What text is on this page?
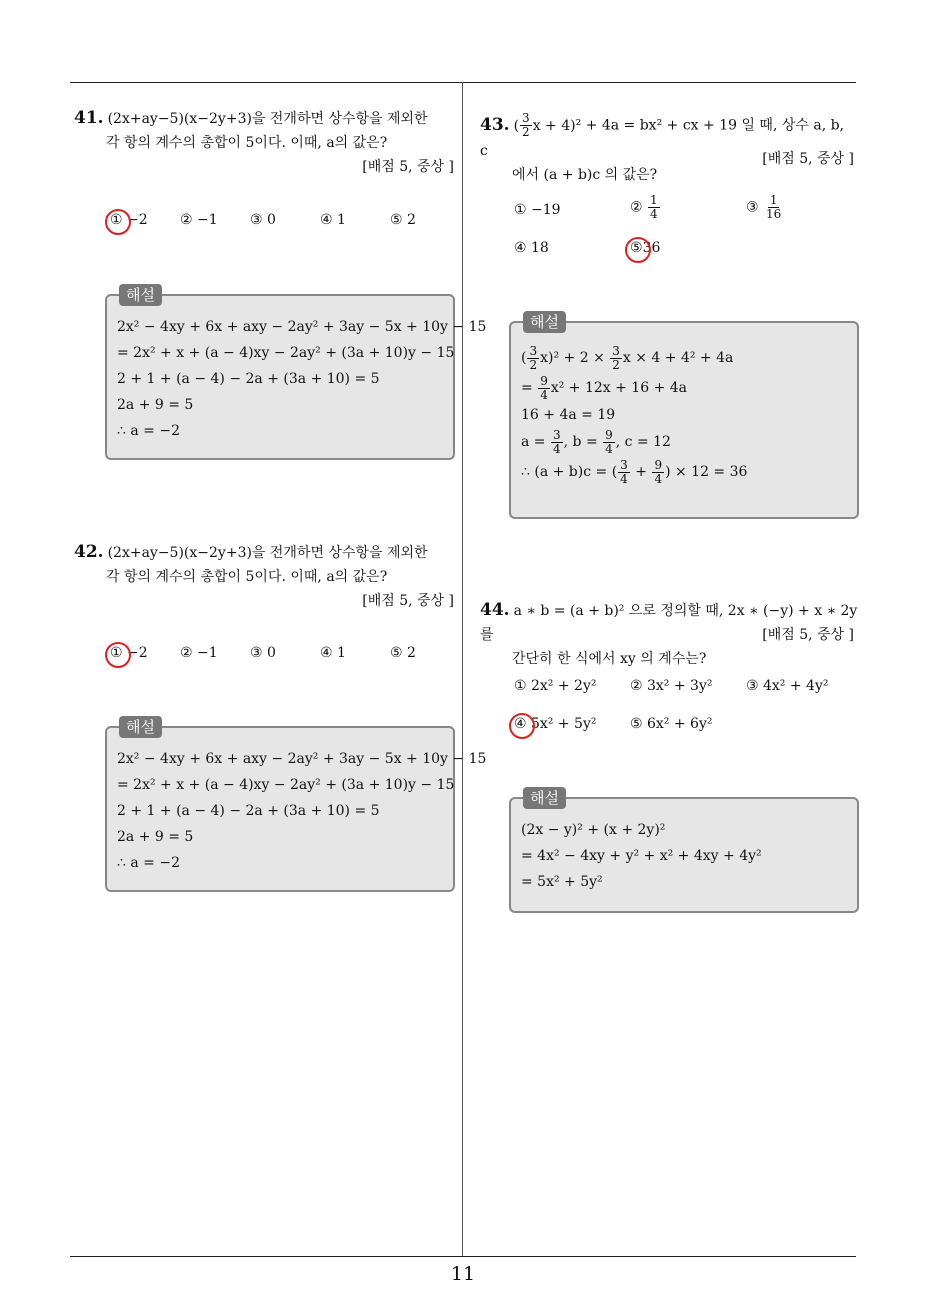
41. (2x+ay−5)(x−2y+3)을 전개하면 상수항을 제외한
각 항의 계수의 총합이 5이다. 이때, a의 값은?

[배점 5, 중상 ]
① −2 ② −1 ③ 0	④ 1	⑤ 2
해설
2x² − 4xy + 6x + axy − 2ay² + 3ay − 5x + 10y − 15
= 2x² + x + (a − 4)xy − 2ay² + (3a + 10)y − 15
2 + 1 + (a − 4) − 2a + (3a + 10) = 5
2a + 9 = 5
∴ a = −2

42. (2x+ay−5)(x−2y+3)을 전개하면 상수항을 제외한
각 항의 계수의 총합이 5이다. 이때, a의 값은?

[배점 5, 중상 ]
① −2 ② −1 ③ 0	④ 1	⑤ 2
해설
2x² − 4xy + 6x + axy − 2ay² + 3ay − 5x + 10y − 15
= 2x² + x + (a − 4)xy − 2ay² + (3a + 10)y − 15
2 + 1 + (a − 4) − 2a + (3a + 10) = 5
2a + 9 = 5
∴ a = −2

43. ( $\frac{3}{2}$ x + 4)² + 4a = bx² + cx + 19 일 때, 상수 a, b, c
에서 (a + b)c 의 값은?

[배점 5, 중상 ]
① −19	② $\frac{1}{4}$	③ $\frac{1}{16}$
④ 18	⑤36
해설
( $\frac{3}{2} x)^2 + 2 \times \frac{3}{2}$ x × 4 + 4² + 4a
= $\frac{9}{4} x^2 + 12x + 16 + 4a$
16 + 4a = 19
$a = \frac{3}{4}$ , $b = \frac{9}{4}$ , c = 12
∴ (a + b)c = ( $\frac{3}{4} + \frac{9}{4}$ ) × 12 = 36

44. a ∗ b = (a + b)² 으로 정의할 때, 2x ∗ (−y) + x ∗ 2y 를
간단히 한 식에서 xy 의 계수는?

[배점 5, 중상 ]
① 2x² + 2y² ② 3x² + 3y² ③ 4x² + 4y²
④ 5x² + 5y² ⑤ 6x² + 6y²
해설
(2x − y)² + (x + 2y)²
= 4x² − 4xy + y² + x² + 4xy + 4y²
= 5x² + 5y²
11
